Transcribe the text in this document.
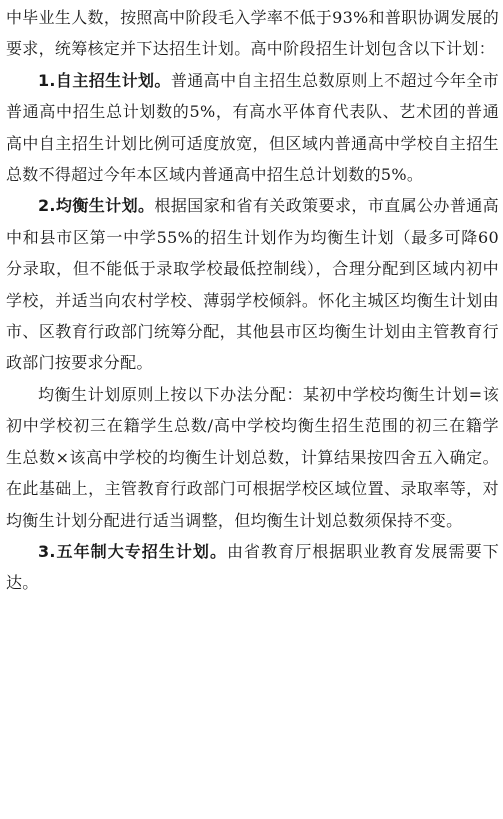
中毕业生人数，按照高中阶段毛入学率不低于93%和普职协调发展的要求，统筹核定并下达招生计划。高中阶段招生计划包含以下计划：

1.自主招生计划。普通高中自主招生总数原则上不超过今年全市普通高中招生总计划数的5%，有高水平体育代表队、艺术团的普通高中自主招生计划比例可适度放宽，但区域内普通高中学校自主招生总数不得超过今年本区域内普通高中招生总计划数的5%。

2.均衡生计划。根据国家和省有关政策要求，市直属公办普通高中和县市区第一中学55%的招生计划作为均衡生计划（最多可降60分录取，但不能低于录取学校最低控制线），合理分配到区域内初中学校，并适当向农村学校、薄弱学校倾斜。怀化主城区均衡生计划由市、区教育行政部门统筹分配，其他县市区均衡生计划由主管教育行政部门按要求分配。

均衡生计划原则上按以下办法分配：某初中学校均衡生计划=该初中学校初三在籍学生总数/高中学校均衡生招生范围的初三在籍学生总数×该高中学校的均衡生计划总数，计算结果按四舍五入确定。在此基础上，主管教育行政部门可根据学校区域位置、录取率等，对均衡生计划分配进行适当调整，但均衡生计划总数须保持不变。

3.五年制大专招生计划。由省教育厅根据职业教育发展需要下达。
